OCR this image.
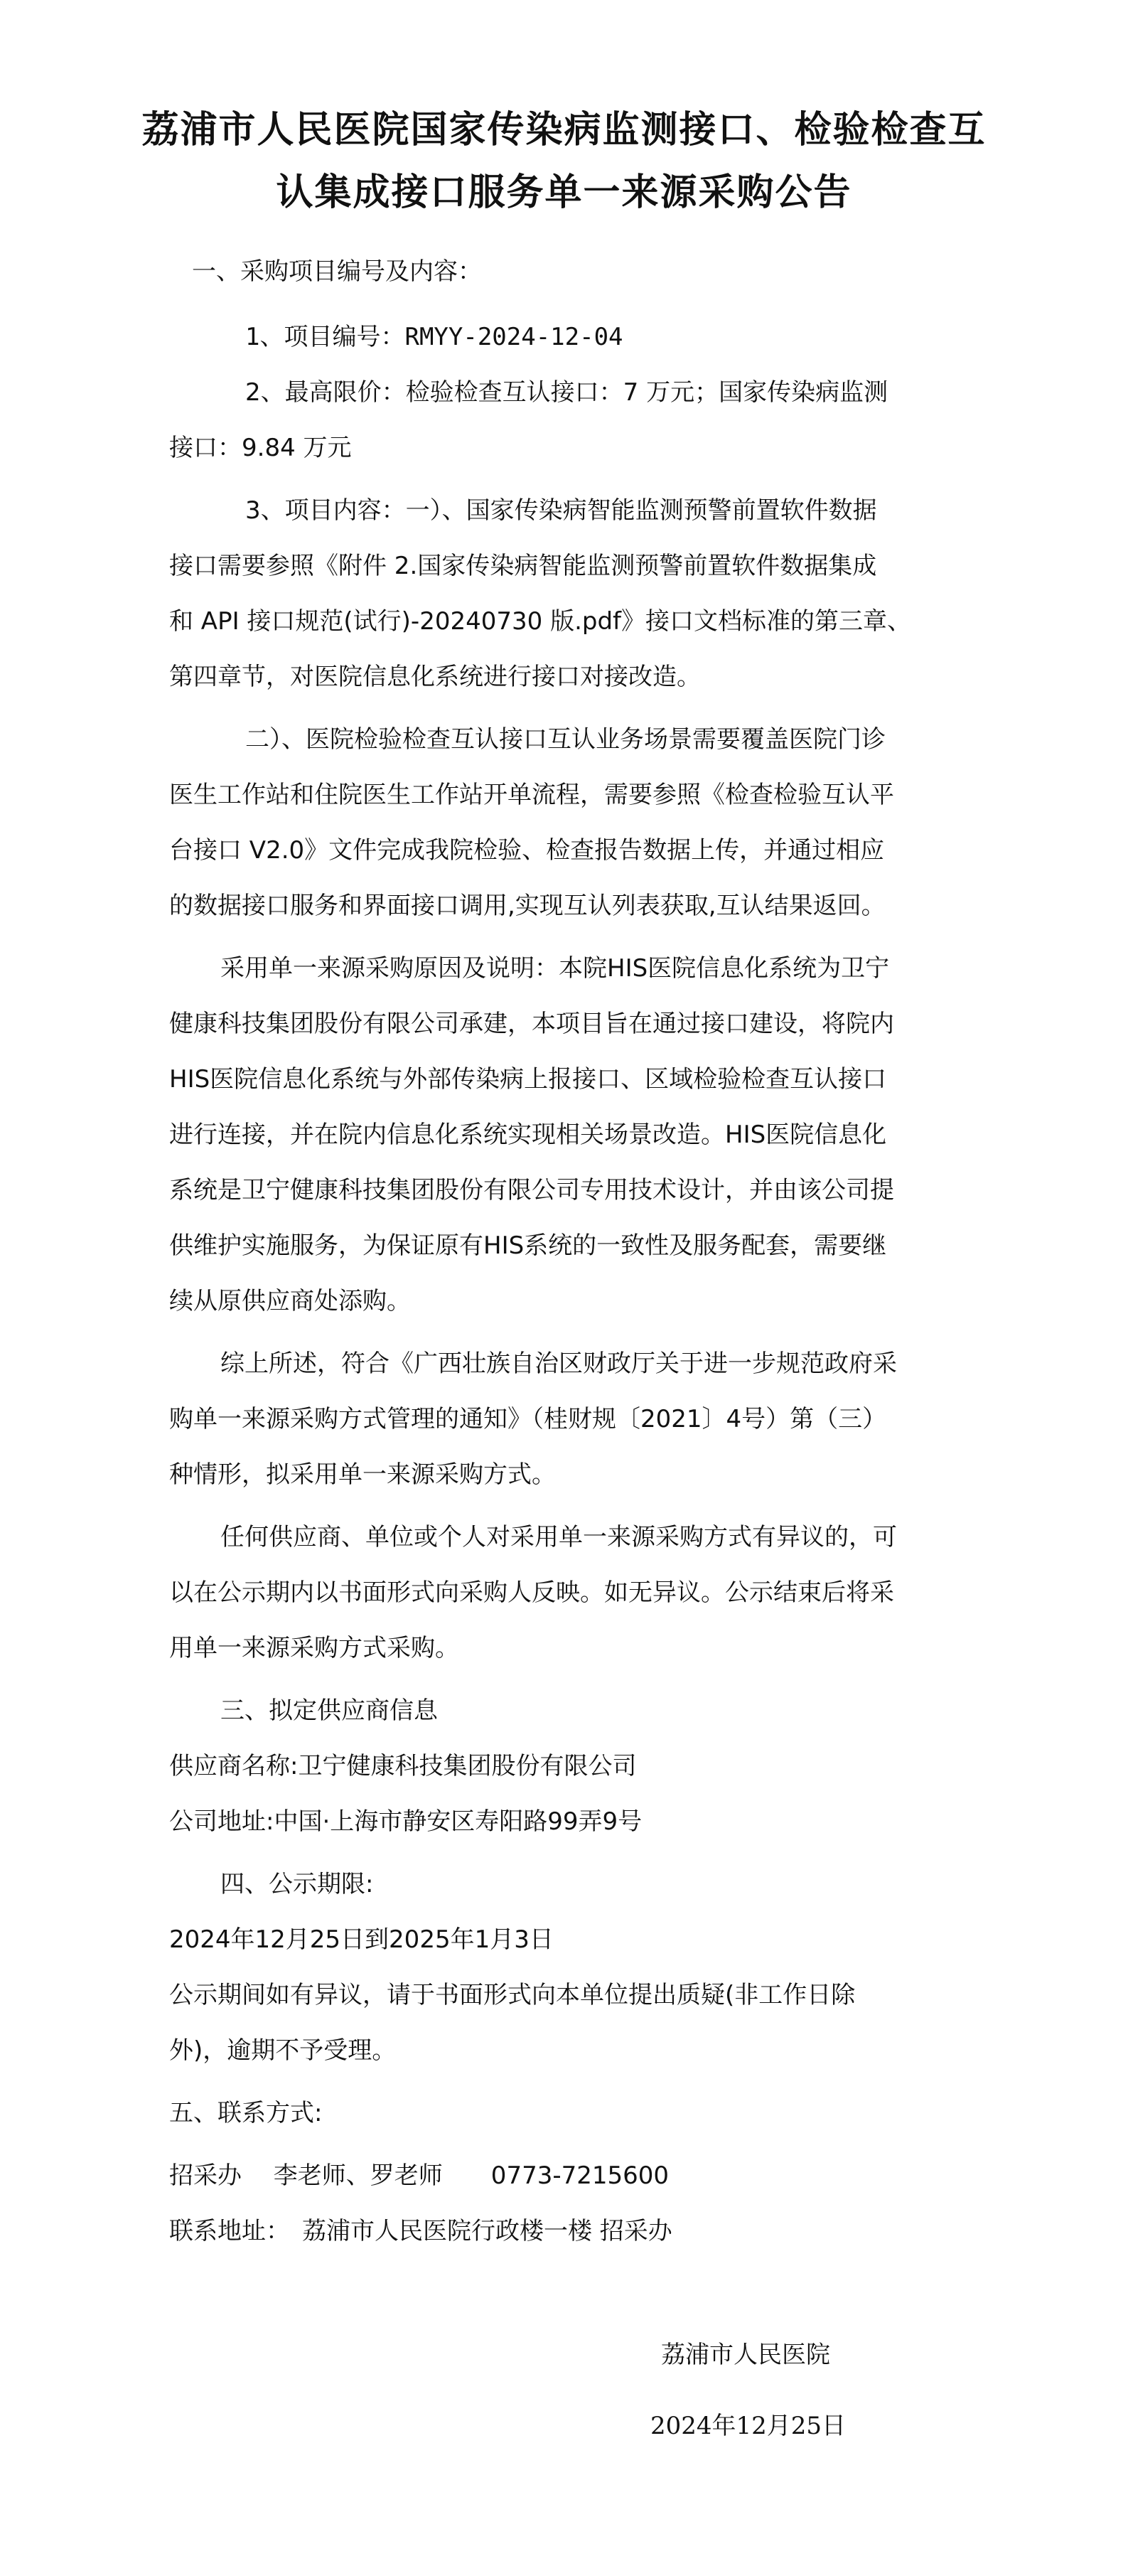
荔浦市人民医院国家传染病监测接口、检验检查互
认集成接口服务单一来源采购公告
一、采购项目编号及内容：
1、项目编号：RMYY-2024-12-04
2、最高限价：检验检查互认接口：7 万元；国家传染病监测
接口：9.84 万元
3、项目内容：一）、国家传染病智能监测预警前置软件数据
接口需要参照《附件 2.国家传染病智能监测预警前置软件数据集成
和 API 接口规范(试行)-20240730 版.pdf》接口文档标准的第三章、
第四章节，对医院信息化系统进行接口对接改造。
二）、医院检验检查互认接口互认业务场景需要覆盖医院门诊
医生工作站和住院医生工作站开单流程，需要参照《检查检验互认平
台接口 V2.0》文件完成我院检验、检查报告数据上传，并通过相应
的数据接口服务和界面接口调用,实现互认列表获取,互认结果返回。
采用单一来源采购原因及说明：本院HIS医院信息化系统为卫宁
健康科技集团股份有限公司承建，本项目旨在通过接口建设，将院内
HIS医院信息化系统与外部传染病上报接口、区域检验检查互认接口
进行连接，并在院内信息化系统实现相关场景改造。HIS医院信息化
系统是卫宁健康科技集团股份有限公司专用技术设计，并由该公司提
供维护实施服务，为保证原有HIS系统的一致性及服务配套，需要继
续从原供应商处添购。
综上所述，符合《广西壮族自治区财政厅关于进一步规范政府采
购单一来源采购方式管理的通知》（桂财规〔2021〕4号）第（三）
种情形，拟采用单一来源采购方式。
任何供应商、单位或个人对采用单一来源采购方式有异议的，可
以在公示期内以书面形式向采购人反映。如无异议。公示结束后将采
用单一来源采购方式采购。
三、拟定供应商信息
供应商名称:卫宁健康科技集团股份有限公司
公司地址:中国·上海市静安区寿阳路99弄9号
四、公示期限:
2024年12月25日到2025年1月3日
公示期间如有异议，请于书面形式向本单位提出质疑(非工作日除
外)，逾期不予受理。
五、联系方式:
招采办　 李老师、罗老师　　0773-7215600
联系地址：　荔浦市人民医院行政楼一楼 招采办
荔浦市人民医院
2024年12月25日
